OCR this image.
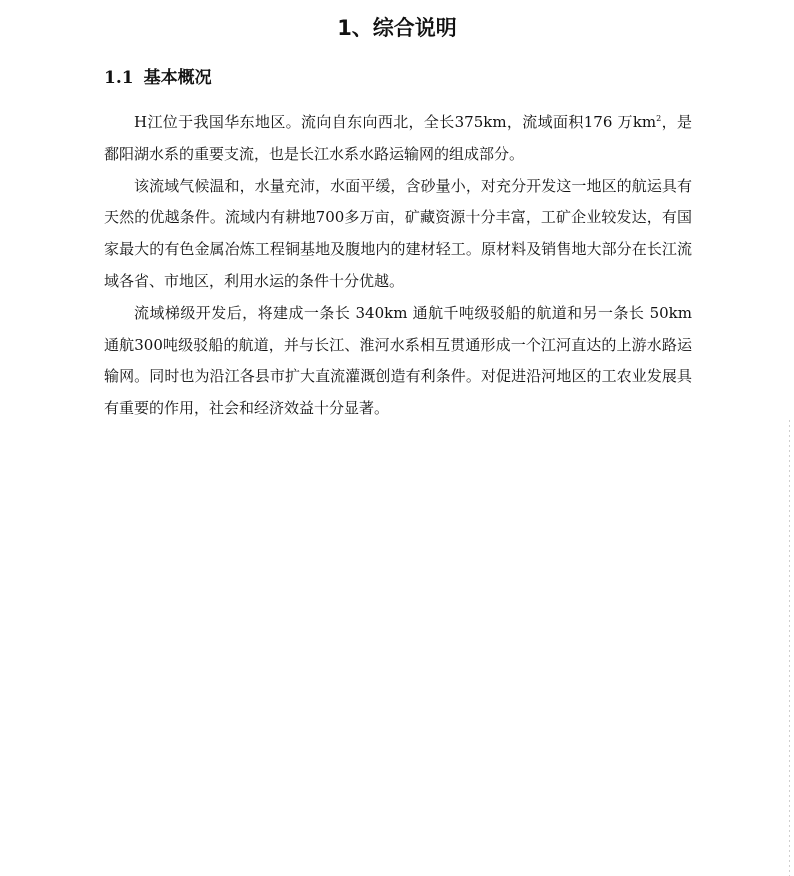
1、综合说明
1.1 基本概况

H江位于我国华东地区。流向自东向西北，全长375km，流域面积176 万$km^2$，是鄱阳湖水系的重要支流，也是长江水系水路运输网的组成部分。

该流域气候温和，水量充沛，水面平缓，含砂量小，对充分开发这一地区的航运具有天然的优越条件。流域内有耕地700多万亩，矿藏资源十分丰富，工矿企业较发达，有国家最大的有色金属冶炼工程铜基地及腹地内的建材轻工。原材料及销售地大部分在长江流域各省、市地区，利用水运的条件十分优越。

流域梯级开发后，将建成一条长 340km 通航千吨级驳船的航道和另一条长 50km 通航300吨级驳船的航道，并与长江、淮河水系相互贯通形成一个江河直达的上游水路运输网。同时也为沿江各县市扩大直流灌溉创造有利条件。对促进沿河地区的工农业发展具有重要的作用，社会和经济效益十分显著。
